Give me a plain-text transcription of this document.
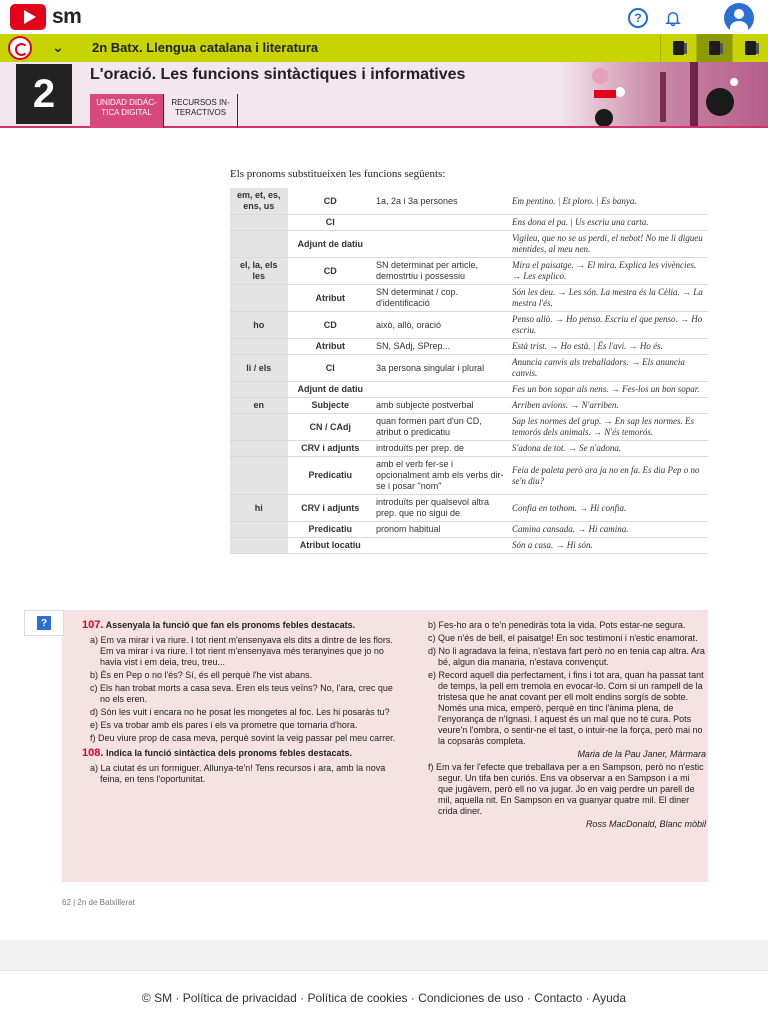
sm	?
⌄ 2n Batx. Llengua catalana i literatura
2	L'oració. Les funcions sintàctiques i informatives
UNIDAD DIDÁC-
TICA DIGITAL
RECURSOS IN-
TERACTIVOS
Els pronoms substitueixen les funcions següents:
em, et, es, ens, us	CD	1a, 2a i 3a persones	Em pentino. | Et ploro. | Es banya.
	CI		Ens dona el pa. | Us escriu una carta.
	Adjunt de datiu		Vigileu, que no se us perdi, el nebot! No me li digueu mentides, al meu nen.
el, la, els les	CD	SN determinat per article, demostrtiu i possessiu	Mira el paisatge. → El mira. Explica les vivències. → Les explico.
	Atribut	SN determinat / cop. d'identificació	Són les deu. → Les són. La mestra és la Cèlia. → La mestra l'és.
ho	CD	això, allò, oració	Penso allò. → Ho penso. Escriu el que penso. → Ho escriu.
	Atribut	SN, SAdj, SPrep...	Està trist. → Ho està. | És l'avi. → Ho és.
li / els	CI	3a persona singular i plural	Anuncia canvis als treballadors. → Els anuncia canvis.
	Adjunt de datiu		Fes un bon sopar als nens. → Fes-los un bon sopar.
en	Subjecte	amb subjecte postverbal	Arriben avions. → N'arriben.
	CN / CAdj	quan formen part d'un CD, atribut o predicatiu	Sap les normes del grup. → En sap les normes. Es temorós dels animals. → N'és temorós.
	CRV i adjunts	introduïts per prep. de	S'adona de tot. → Se n'adona.
	Predicatiu	amb el verb fer-se i opcionalment amb els verbs dir-se i posar "nom"	Feia de paleta però ara ja no en fa. Es diu Pep o no se'n diu?
hi	CRV i adjunts	introduïts per qualsevol altra prep. que no sigui de	Confia en tothom. → Hi confia.
	Predicatiu	pronom habitual	Camina cansada. → Hi camina.
	Atribut locatiu		Són a casa. → Hi són.
?	107. Assenyala la funció que fan els pronoms febles destacats.
a) Em va mirar i va riure. I tot rient m'ensenyava els dits a dintre de les flors. Em va mirar i va riure. I tot rient m'ensenyava més teranyines que jo no havia vist i em deia, treu, treu...
b) És en Pep o no l'és? Sí, és ell perquè l'he vist abans.
c) Els han trobat morts a casa seva. Eren els teus veïns? No, l'ara, crec que no els eren.
d) Són les vuit i encara no he posat les mongetes al foc. Les hi posaràs tu?
e) Es va trobar amb els pares i els va prometre que tornaria d'hora.
f) Deu viure prop de casa meva, perquè sovint la veig passar pel meu carrer.
108. Indica la funció sintàctica dels pronoms febles destacats.
a) La ciutat és un formiguer. Allunya-te'n! Tens recursos i ara, amb la nova feina, en tens l'oportunitat.
b) Fes-ho ara o te'n penediràs tota la vida. Pots estar-ne segura.
c) Que n'és de bell, el paisatge! En soc testimoni i n'estic enamorat.
d) No li agradava la feina, n'estava fart però no en tenia cap altra. Ara bé, algun dia manaria, n'estava convençut.
e) Record aquell dia perfectament, i fins i tot ara, quan ha passat tant de temps, la pell em tremola en evocar-lo. Com si un rampell de la tristesa que he anat covant per ell molt endins sorgís de sobte. Només una mica, emperò, perquè en tinc l'ànima plena, de l'enyorança de n'Ignasi. I aquest és un mal que no té cura. Pots veure'n l'ombra, o sentir-ne el tast, o intuir-ne la força, però mai no la copsaràs completa.
Maria de la Pau Janer, Màrmara
f) Em va fer l'efecte que treballava per a en Sampson, però no n'estic segur. Un tifa ben curiós. Ens va observar a en Sampson i a mi que jugàvem, però ell no va jugar. Jo en vaig perdre un parell de mil, aquella nit. En Sampson en va guanyar quatre mil. El diner crida diner.
Ross MacDonald, Blanc mòbil
62 | 2n de Batxillerat
© SM · Política de privacidad · Política de cookies · Condiciones de uso · Contacto · Ayuda
